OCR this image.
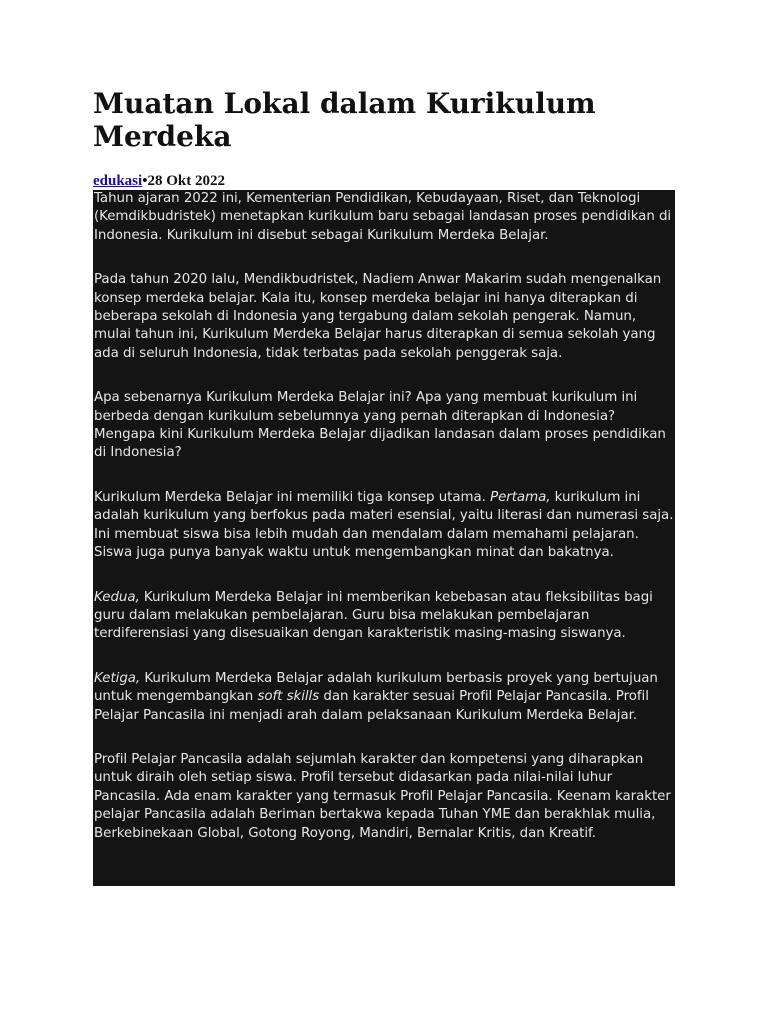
Muatan Lokal dalam Kurikulum Merdeka
edukasi•28 Okt 2022

Tahun ajaran 2022 ini, Kementerian Pendidikan, Kebudayaan, Riset, dan Teknologi (Kemdikbudristek) menetapkan kurikulum baru sebagai landasan proses pendidikan di Indonesia. Kurikulum ini disebut sebagai Kurikulum Merdeka Belajar.

Pada tahun 2020 lalu, Mendikbudristek, Nadiem Anwar Makarim sudah mengenalkan konsep merdeka belajar. Kala itu, konsep merdeka belajar ini hanya diterapkan di beberapa sekolah di Indonesia yang tergabung dalam sekolah pengerak. Namun, mulai tahun ini, Kurikulum Merdeka Belajar harus diterapkan di semua sekolah yang ada di seluruh Indonesia, tidak terbatas pada sekolah penggerak saja.

Apa sebenarnya Kurikulum Merdeka Belajar ini? Apa yang membuat kurikulum ini berbeda dengan kurikulum sebelumnya yang pernah diterapkan di Indonesia? Mengapa kini Kurikulum Merdeka Belajar dijadikan landasan dalam proses pendidikan di Indonesia?

Kurikulum Merdeka Belajar ini memiliki tiga konsep utama. Pertama, kurikulum ini adalah kurikulum yang berfokus pada materi esensial, yaitu literasi dan numerasi saja. Ini membuat siswa bisa lebih mudah dan mendalam dalam memahami pelajaran. Siswa juga punya banyak waktu untuk mengembangkan minat dan bakatnya.

Kedua, Kurikulum Merdeka Belajar ini memberikan kebebasan atau fleksibilitas bagi guru dalam melakukan pembelajaran. Guru bisa melakukan pembelajaran terdiferensiasi yang disesuaikan dengan karakteristik masing-masing siswanya.

Ketiga, Kurikulum Merdeka Belajar adalah kurikulum berbasis proyek yang bertujuan untuk mengembangkan soft skills dan karakter sesuai Profil Pelajar Pancasila. Profil Pelajar Pancasila ini menjadi arah dalam pelaksanaan Kurikulum Merdeka Belajar.

Profil Pelajar Pancasila adalah sejumlah karakter dan kompetensi yang diharapkan untuk diraih oleh setiap siswa. Profil tersebut didasarkan pada nilai-nilai luhur Pancasila. Ada enam karakter yang termasuk Profil Pelajar Pancasila. Keenam karakter pelajar Pancasila adalah Beriman bertakwa kepada Tuhan YME dan berakhlak mulia, Berkebinekaan Global, Gotong Royong, Mandiri, Bernalar Kritis, dan Kreatif.
